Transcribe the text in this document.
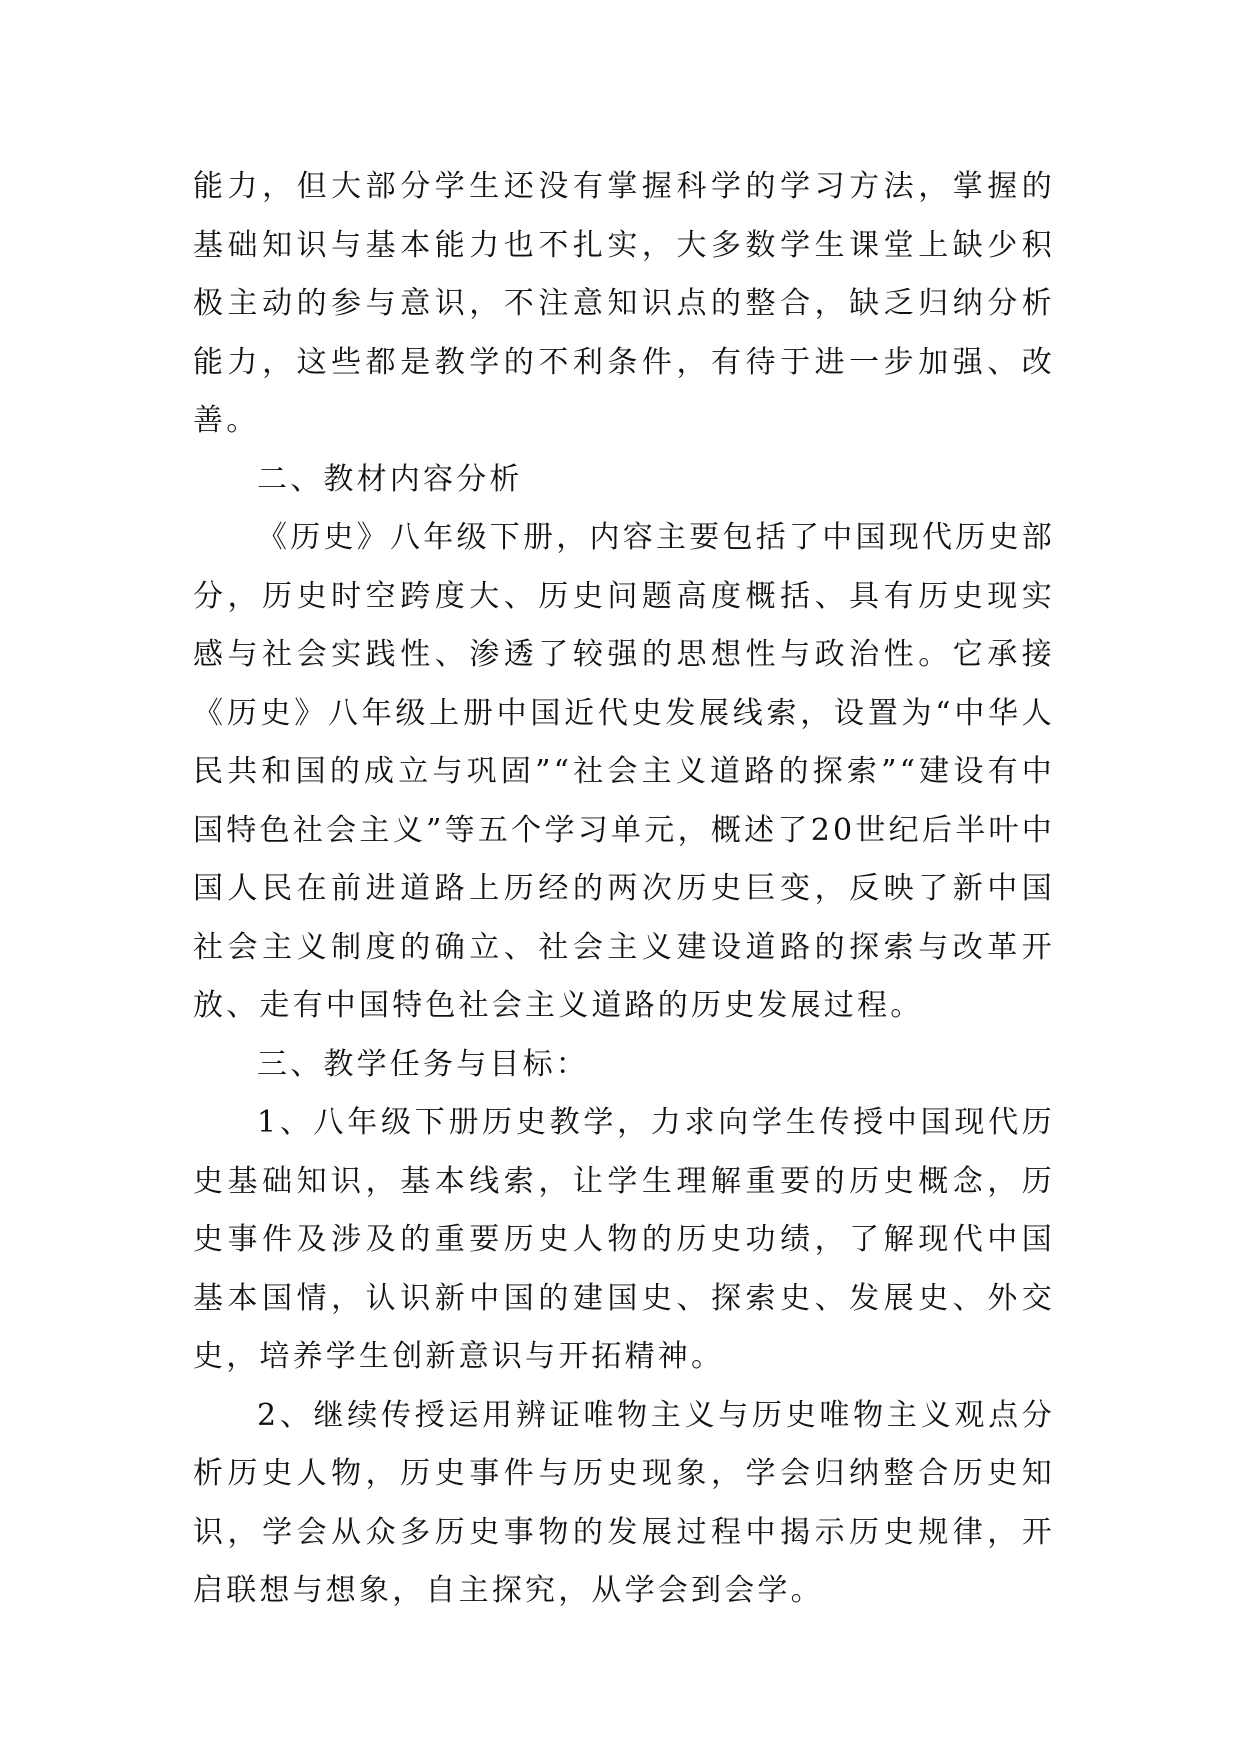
能力，但大部分学生还没有掌握科学的学习方法，掌握的基础知识与基本能力也不扎实，大多数学生课堂上缺少积极主动的参与意识，不注意知识点的整合，缺乏归纳分析能力，这些都是教学的不利条件，有待于进一步加强、改善。

二、教材内容分析

《历史》八年级下册，内容主要包括了中国现代历史部分，历史时空跨度大、历史问题高度概括、具有历史现实感与社会实践性、渗透了较强的思想性与政治性。它承接《历史》八年级上册中国近代史发展线索，设置为“中华人民共和国的成立与巩固”“社会主义道路的探索”“建设有中国特色社会主义”等五个学习单元，概述了20世纪后半叶中国人民在前进道路上历经的两次历史巨变，反映了新中国社会主义制度的确立、社会主义建设道路的探索与改革开放、走有中国特色社会主义道路的历史发展过程。

三、教学任务与目标：

1、八年级下册历史教学，力求向学生传授中国现代历史基础知识，基本线索，让学生理解重要的历史概念，历史事件及涉及的重要历史人物的历史功绩，了解现代中国基本国情，认识新中国的建国史、探索史、发展史、外交史，培养学生创新意识与开拓精神。

2、继续传授运用辨证唯物主义与历史唯物主义观点分析历史人物，历史事件与历史现象，学会归纳整合历史知识，学会从众多历史事物的发展过程中揭示历史规律，开启联想与想象，自主探究，从学会到会学。
